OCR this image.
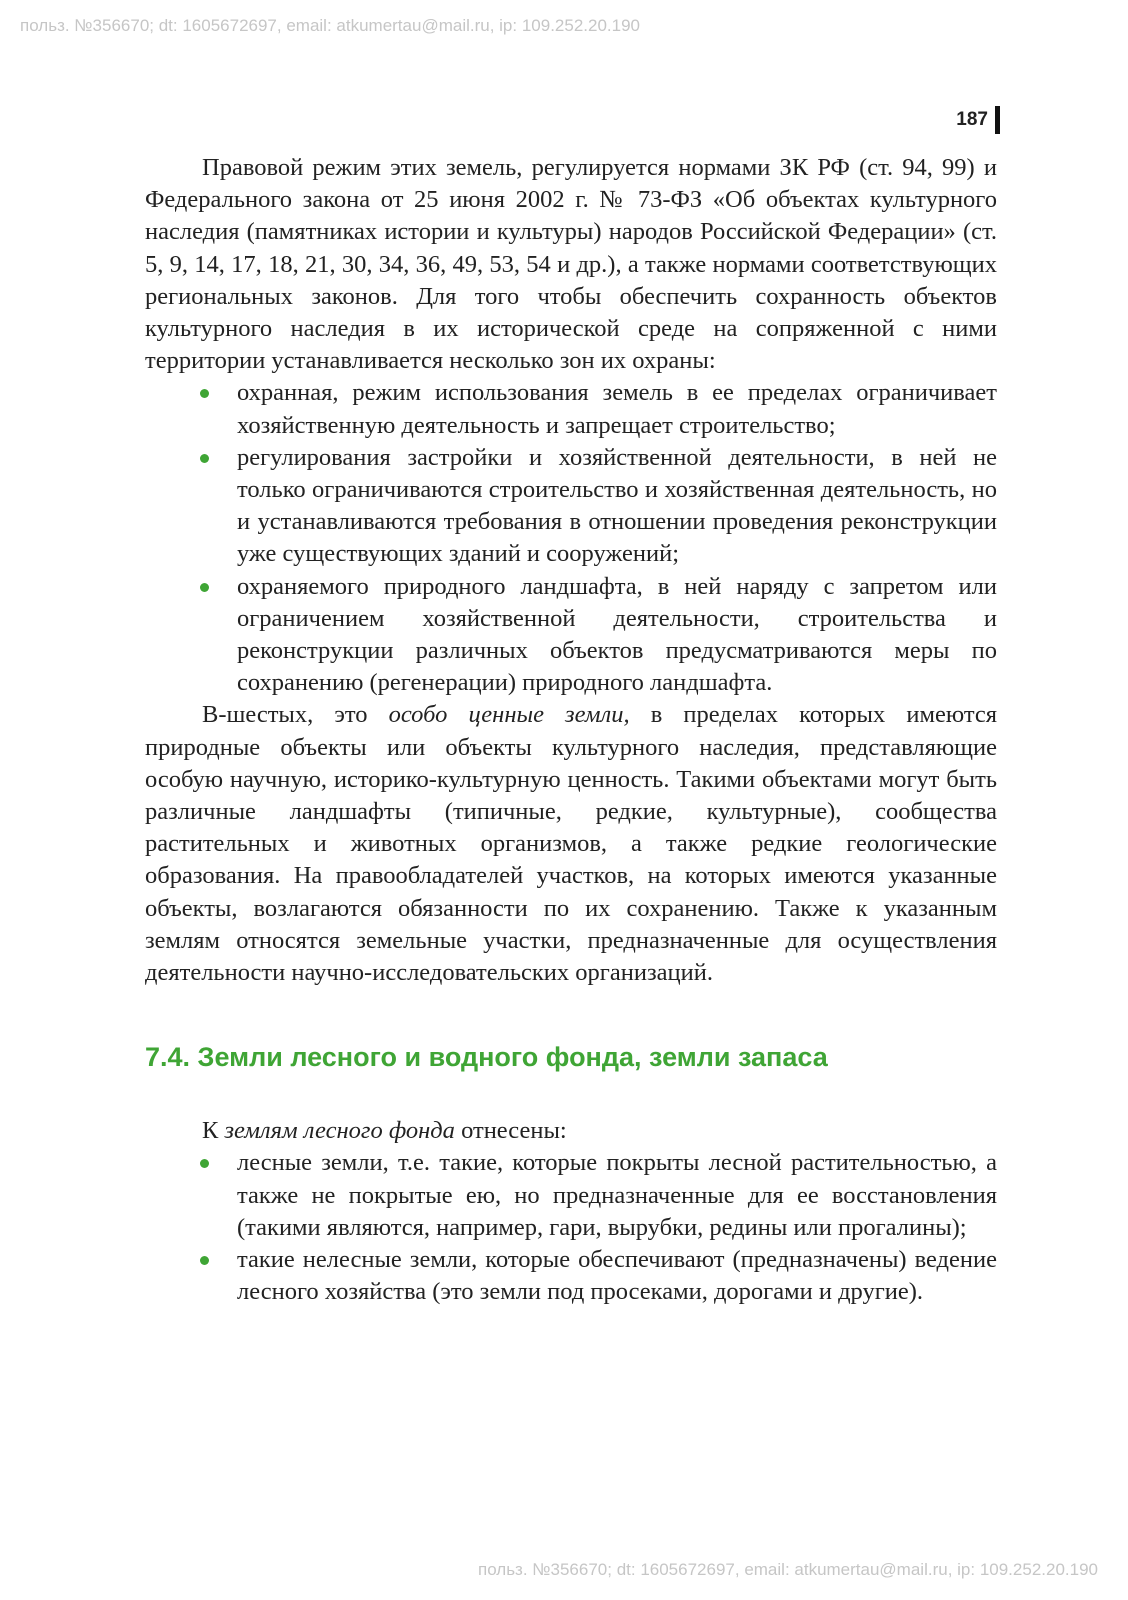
польз. №356670; dt: 1605672697, email: atkumertau@mail.ru, ip: 109.252.20.190
187

Правовой режим этих земель, регулируется нормами ЗК РФ (ст. 94, 99) и Федерального закона от 25 июня 2002 г. № 73-ФЗ «Об объектах культурного наследия (памятниках истории и культуры) народов Российской Федерации» (ст. 5, 9, 14, 17, 18, 21, 30, 34, 36, 49, 53, 54 и др.), а также нормами соответствующих региональных законов. Для того чтобы обеспечить сохранность объектов культурного наследия в их исторической среде на сопряженной с ними территории устанавливается несколько зон их охраны:

охранная, режим использования земель в ее пределах ограничивает хозяйственную деятельность и запрещает строительство;
регулирования застройки и хозяйственной деятельности, в ней не только ограничиваются строительство и хозяйственная деятельность, но и устанавливаются требования в отношении проведения реконструкции уже существующих зданий и сооружений;
охраняемого природного ландшафта, в ней наряду с запретом или ограничением хозяйственной деятельности, строительства и реконструкции различных объектов предусматриваются меры по сохранению (регенерации) природного ландшафта.

В-шестых, это особо ценные земли, в пределах которых имеются природные объекты или объекты культурного наследия, представляющие особую научную, историко-культурную ценность. Такими объектами могут быть различные ландшафты (типичные, редкие, культурные), сообщества растительных и животных организмов, а также редкие геологические образования. На правообладателей участков, на которых имеются указанные объекты, возлагаются обязанности по их сохранению. Также к указанным землям относятся земельные участки, предназначенные для осуществления деятельности научно-исследовательских организаций.

7.4. Земли лесного и водного фонда, земли запаса

К землям лесного фонда отнесены:

лесные земли, т.е. такие, которые покрыты лесной растительностью, а также не покрытые ею, но предназначенные для ее восстановления (такими являются, например, гари, вырубки, редины или прогалины);
такие нелесные земли, которые обеспечивают (предназначены) ведение лесного хозяйства (это земли под просеками, дорогами и другие).
польз. №356670; dt: 1605672697, email: atkumertau@mail.ru, ip: 109.252.20.190
